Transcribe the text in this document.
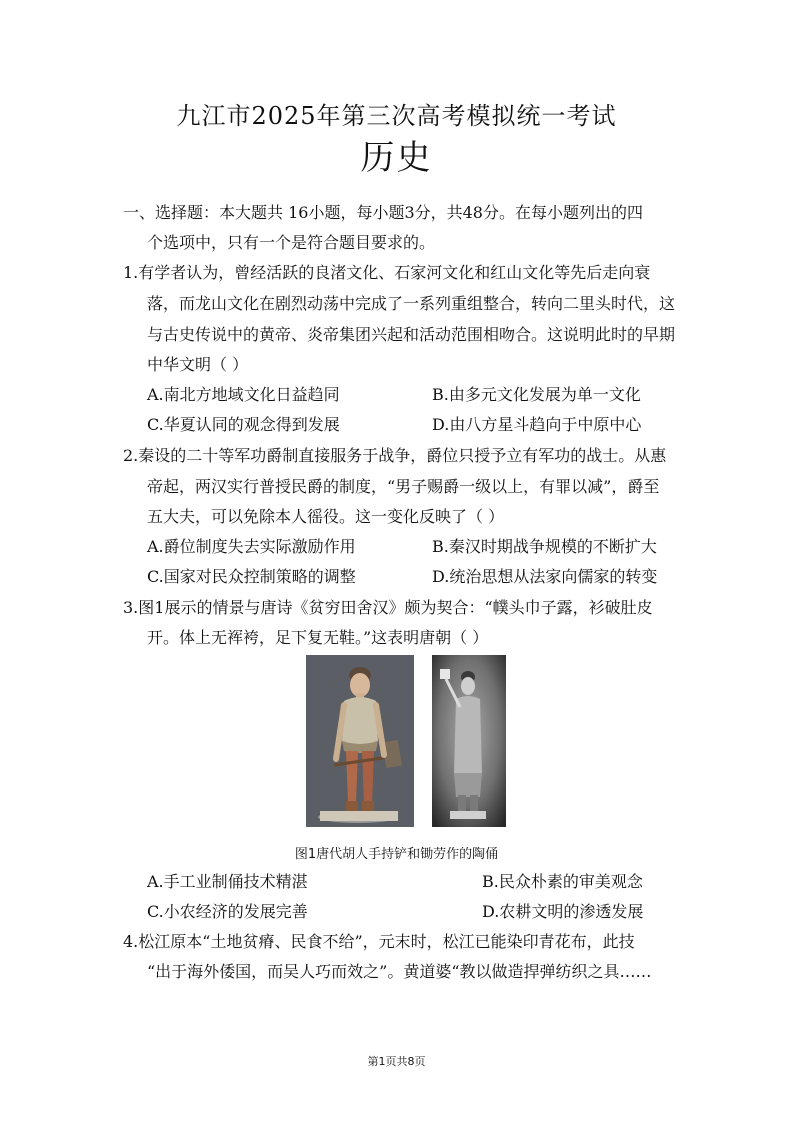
九江市2025年第三次高考模拟统一考试
历史
一、选择题：本大题共 16小题，每小题3分，共48分。在每小题列出的四
个选项中，只有一个是符合题目要求的。
1.有学者认为，曾经活跃的良渚文化、石家河文化和红山文化等先后走向衰
落，而龙山文化在剧烈动荡中完成了一系列重组整合，转向二里头时代，这
与古史传说中的黄帝、炎帝集团兴起和活动范围相吻合。这说明此时的早期
中华文明（ ）
A.南北方地域文化日益趋同	B.由多元文化发展为单一文化
C.华夏认同的观念得到发展	D.由八方星斗趋向于中原中心
2.秦设的二十等军功爵制直接服务于战争，爵位只授予立有军功的战士。从惠
帝起，两汉实行普授民爵的制度，“男子赐爵一级以上，有罪以减”，爵至
五大夫，可以免除本人徭役。这一变化反映了（ ）
A.爵位制度失去实际激励作用	B.秦汉时期战争规模的不断扩大
C.国家对民众控制策略的调整	D.统治思想从法家向儒家的转变
3.图1展示的情景与唐诗《贫穷田舍汉》颇为契合：“幞头巾子露，衫破肚皮
开。体上无裈袴，足下复无鞋。”这表明唐朝（ ）
图1唐代胡人手持铲和锄劳作的陶俑
A.手工业制俑技术精湛	B.民众朴素的审美观念
C.小农经济的发展完善	D.农耕文明的渗透发展
4.松江原本“土地贫瘠、民食不给”，元末时，松江已能染印青花布，此技
“出于海外倭国，而吴人巧而效之”。黄道婆“教以做造捍弹纺织之具……
第1页共8页
